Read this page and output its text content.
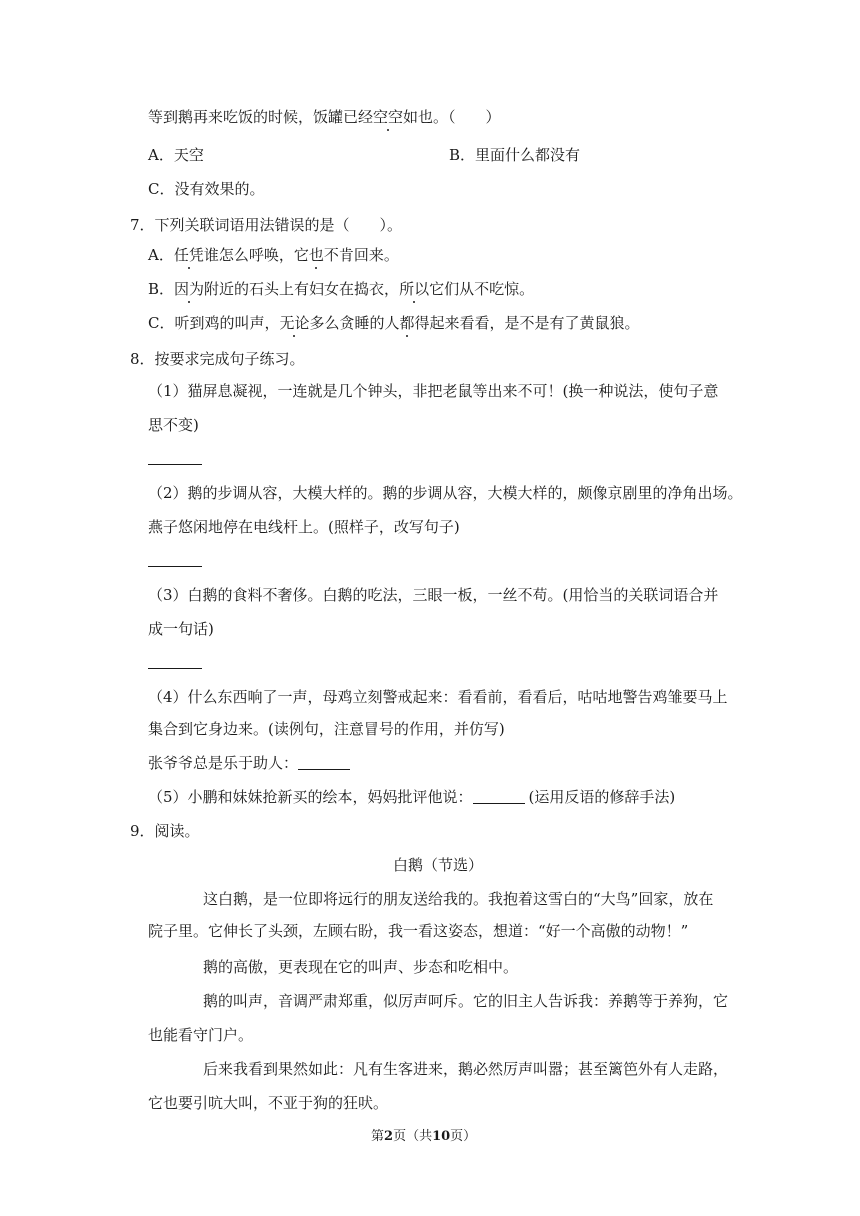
等到鹅再来吃饭的时候，饭罐已经空空如也。（　　）
A．天空	B．里面什么都没有
C．没有效果的。
7．下列关联词语用法错误的是（　　）。
A．任凭谁怎么呼唤，它也不肯回来。
B．因为附近的石头上有妇女在捣衣，所以它们从不吃惊。
C．听到鸡的叫声，无论多么贪睡的人都得起来看看，是不是有了黄鼠狼。
8．按要求完成句子练习。
（1）猫屏息凝视，一连就是几个钟头，非把老鼠等出来不可！(换一种说法，使句子意
思不变)
（2）鹅的步调从容，大模大样的。鹅的步调从容，大模大样的，颇像京剧里的净角出场。
燕子悠闲地停在电线杆上。(照样子，改写句子)
（3）白鹅的食料不奢侈。白鹅的吃法，三眼一板，一丝不苟。(用恰当的关联词语合并
成一句话)
（4）什么东西响了一声，母鸡立刻警戒起来：看看前，看看后，咕咕地警告鸡雏要马上
集合到它身边来。(读例句，注意冒号的作用，并仿写)
张爷爷总是乐于助人：
（5）小鹏和妹妹抢新买的绘本，妈妈批评他说：	(运用反语的修辞手法)
9．阅读。
白鹅（节选）
这白鹅，是一位即将远行的朋友送给我的。我抱着这雪白的“大鸟”回家，放在
院子里。它伸长了头颈，左顾右盼，我一看这姿态，想道：“好一个高傲的动物！”
鹅的高傲，更表现在它的叫声、步态和吃相中。
鹅的叫声，音调严肃郑重，似厉声呵斥。它的旧主人告诉我：养鹅等于养狗，它
也能看守门户。
后来我看到果然如此：凡有生客进来，鹅必然厉声叫嚣；甚至篱笆外有人走路，
它也要引吭大叫，不亚于狗的狂吠。
第2页（共10页）
